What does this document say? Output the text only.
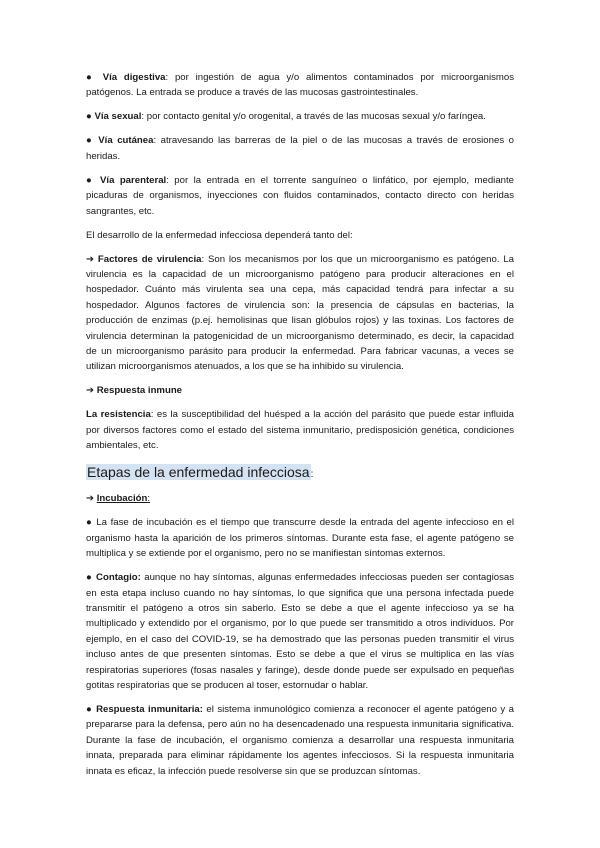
● Vía digestiva: por ingestión de agua y/o alimentos contaminados por microorganismos patógenos. La entrada se produce a través de las mucosas gastrointestinales.

● Vía sexual: por contacto genital y/o orogenital, a través de las mucosas sexual y/o faríngea.

● Vía cutánea: atravesando las barreras de la piel o de las mucosas a través de erosiones o heridas.

● Vía parenteral: por la entrada en el torrente sanguíneo o linfático, por ejemplo, mediante picaduras de organismos, inyecciones con fluidos contaminados, contacto directo con heridas sangrantes, etc.

El desarrollo de la enfermedad infecciosa dependerá tanto del:

➔ Factores de virulencia: Son los mecanismos por los que un microorganismo es patógeno. La virulencia es la capacidad de un microorganismo patógeno para producir alteraciones en el hospedador. Cuánto más virulenta sea una cepa, más capacidad tendrá para infectar a su hospedador. Algunos factores de virulencia son: la presencia de cápsulas en bacterias, la producción de enzimas (p.ej. hemolisinas que lisan glóbulos rojos) y las toxinas. Los factores de virulencia determinan la patogenicidad de un microorganismo determinado, es decir, la capacidad de un microorganismo parásito para producir la enfermedad. Para fabricar vacunas, a veces se utilizan microorganismos atenuados, a los que se ha inhibido su virulencia.

➔ Respuesta inmune

La resistencia: es la susceptibilidad del huésped a la acción del parásito que puede estar influida por diversos factores como el estado del sistema inmunitario, predisposición genética, condiciones ambientales, etc.

Etapas de la enfermedad infecciosa:

➔ Incubación:

● La fase de incubación es el tiempo que transcurre desde la entrada del agente infeccioso en el organismo hasta la aparición de los primeros síntomas. Durante esta fase, el agente patógeno se multiplica y se extiende por el organismo, pero no se manifiestan síntomas externos.

● Contagio: aunque no hay síntomas, algunas enfermedades infecciosas pueden ser contagiosas en esta etapa incluso cuando no hay síntomas, lo que significa que una persona infectada puede transmitir el patógeno a otros sin saberlo. Esto se debe a que el agente infeccioso ya se ha multiplicado y extendido por el organismo, por lo que puede ser transmitido a otros individuos. Por ejemplo, en el caso del COVID-19, se ha demostrado que las personas pueden transmitir el virus incluso antes de que presenten síntomas. Esto se debe a que el virus se multiplica en las vías respiratorias superiores (fosas nasales y faringe), desde donde puede ser expulsado en pequeñas gotitas respiratorias que se producen al toser, estornudar o hablar.

● Respuesta inmunitaria: el sistema inmunológico comienza a reconocer el agente patógeno y a prepararse para la defensa, pero aún no ha desencadenado una respuesta inmunitaria significativa. Durante la fase de incubación, el organismo comienza a desarrollar una respuesta inmunitaria innata, preparada para eliminar rápidamente los agentes infecciosos. Si la respuesta inmunitaria innata es eficaz, la infección puede resolverse sin que se produzcan síntomas.
